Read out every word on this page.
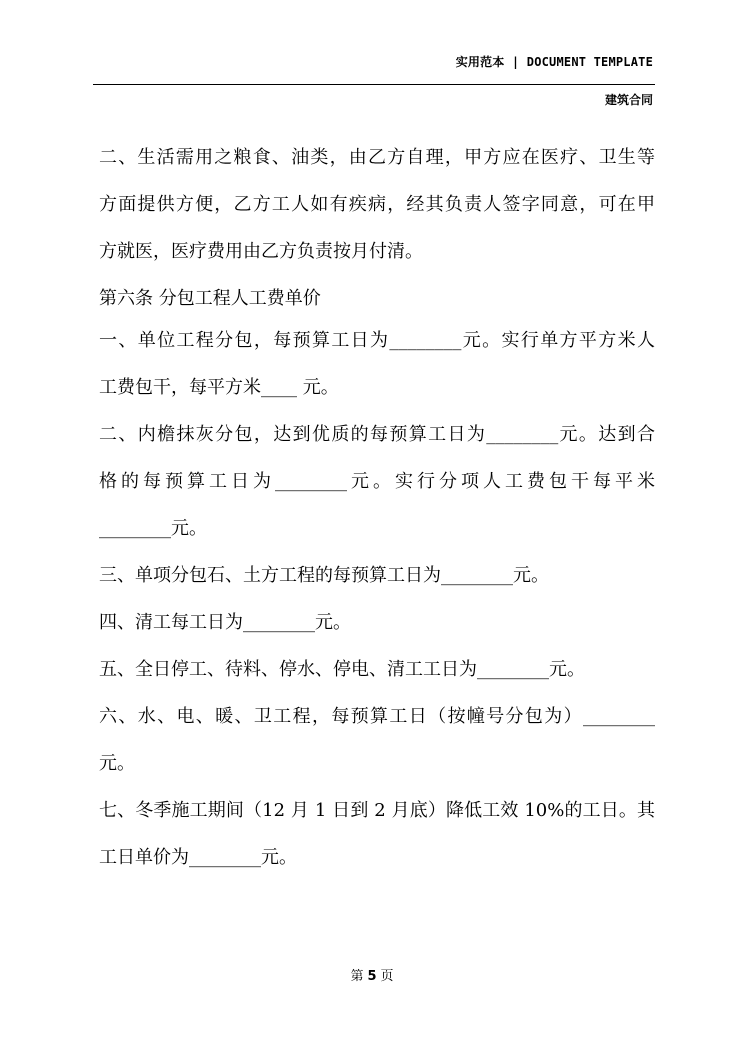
实用范本 | DOCUMENT TEMPLATE
建筑合同
二、生活需用之粮食、油类，由乙方自理，甲方应在医疗、卫生等
方面提供方便，乙方工人如有疾病，经其负责人签字同意，可在甲
方就医，医疗费用由乙方负责按月付清。
第六条 分包工程人工费单价
一、单位工程分包，每预算工日为________元。实行单方平方米人
工费包干，每平方米____ 元。
二、内檐抹灰分包，达到优质的每预算工日为________元。达到合
格的每预算工日为________元。实行分项人工费包干每平米
________元。
三、单项分包石、土方工程的每预算工日为________元。
四、清工每工日为________元。
五、全日停工、待料、停水、停电、清工工日为________元。
六、水、电、暖、卫工程，每预算工日（按幢号分包为）________
元。
七、冬季施工期间（12 月 1 日到 2 月底）降低工效 10%的工日。其
工日单价为________元。
第 5 页
